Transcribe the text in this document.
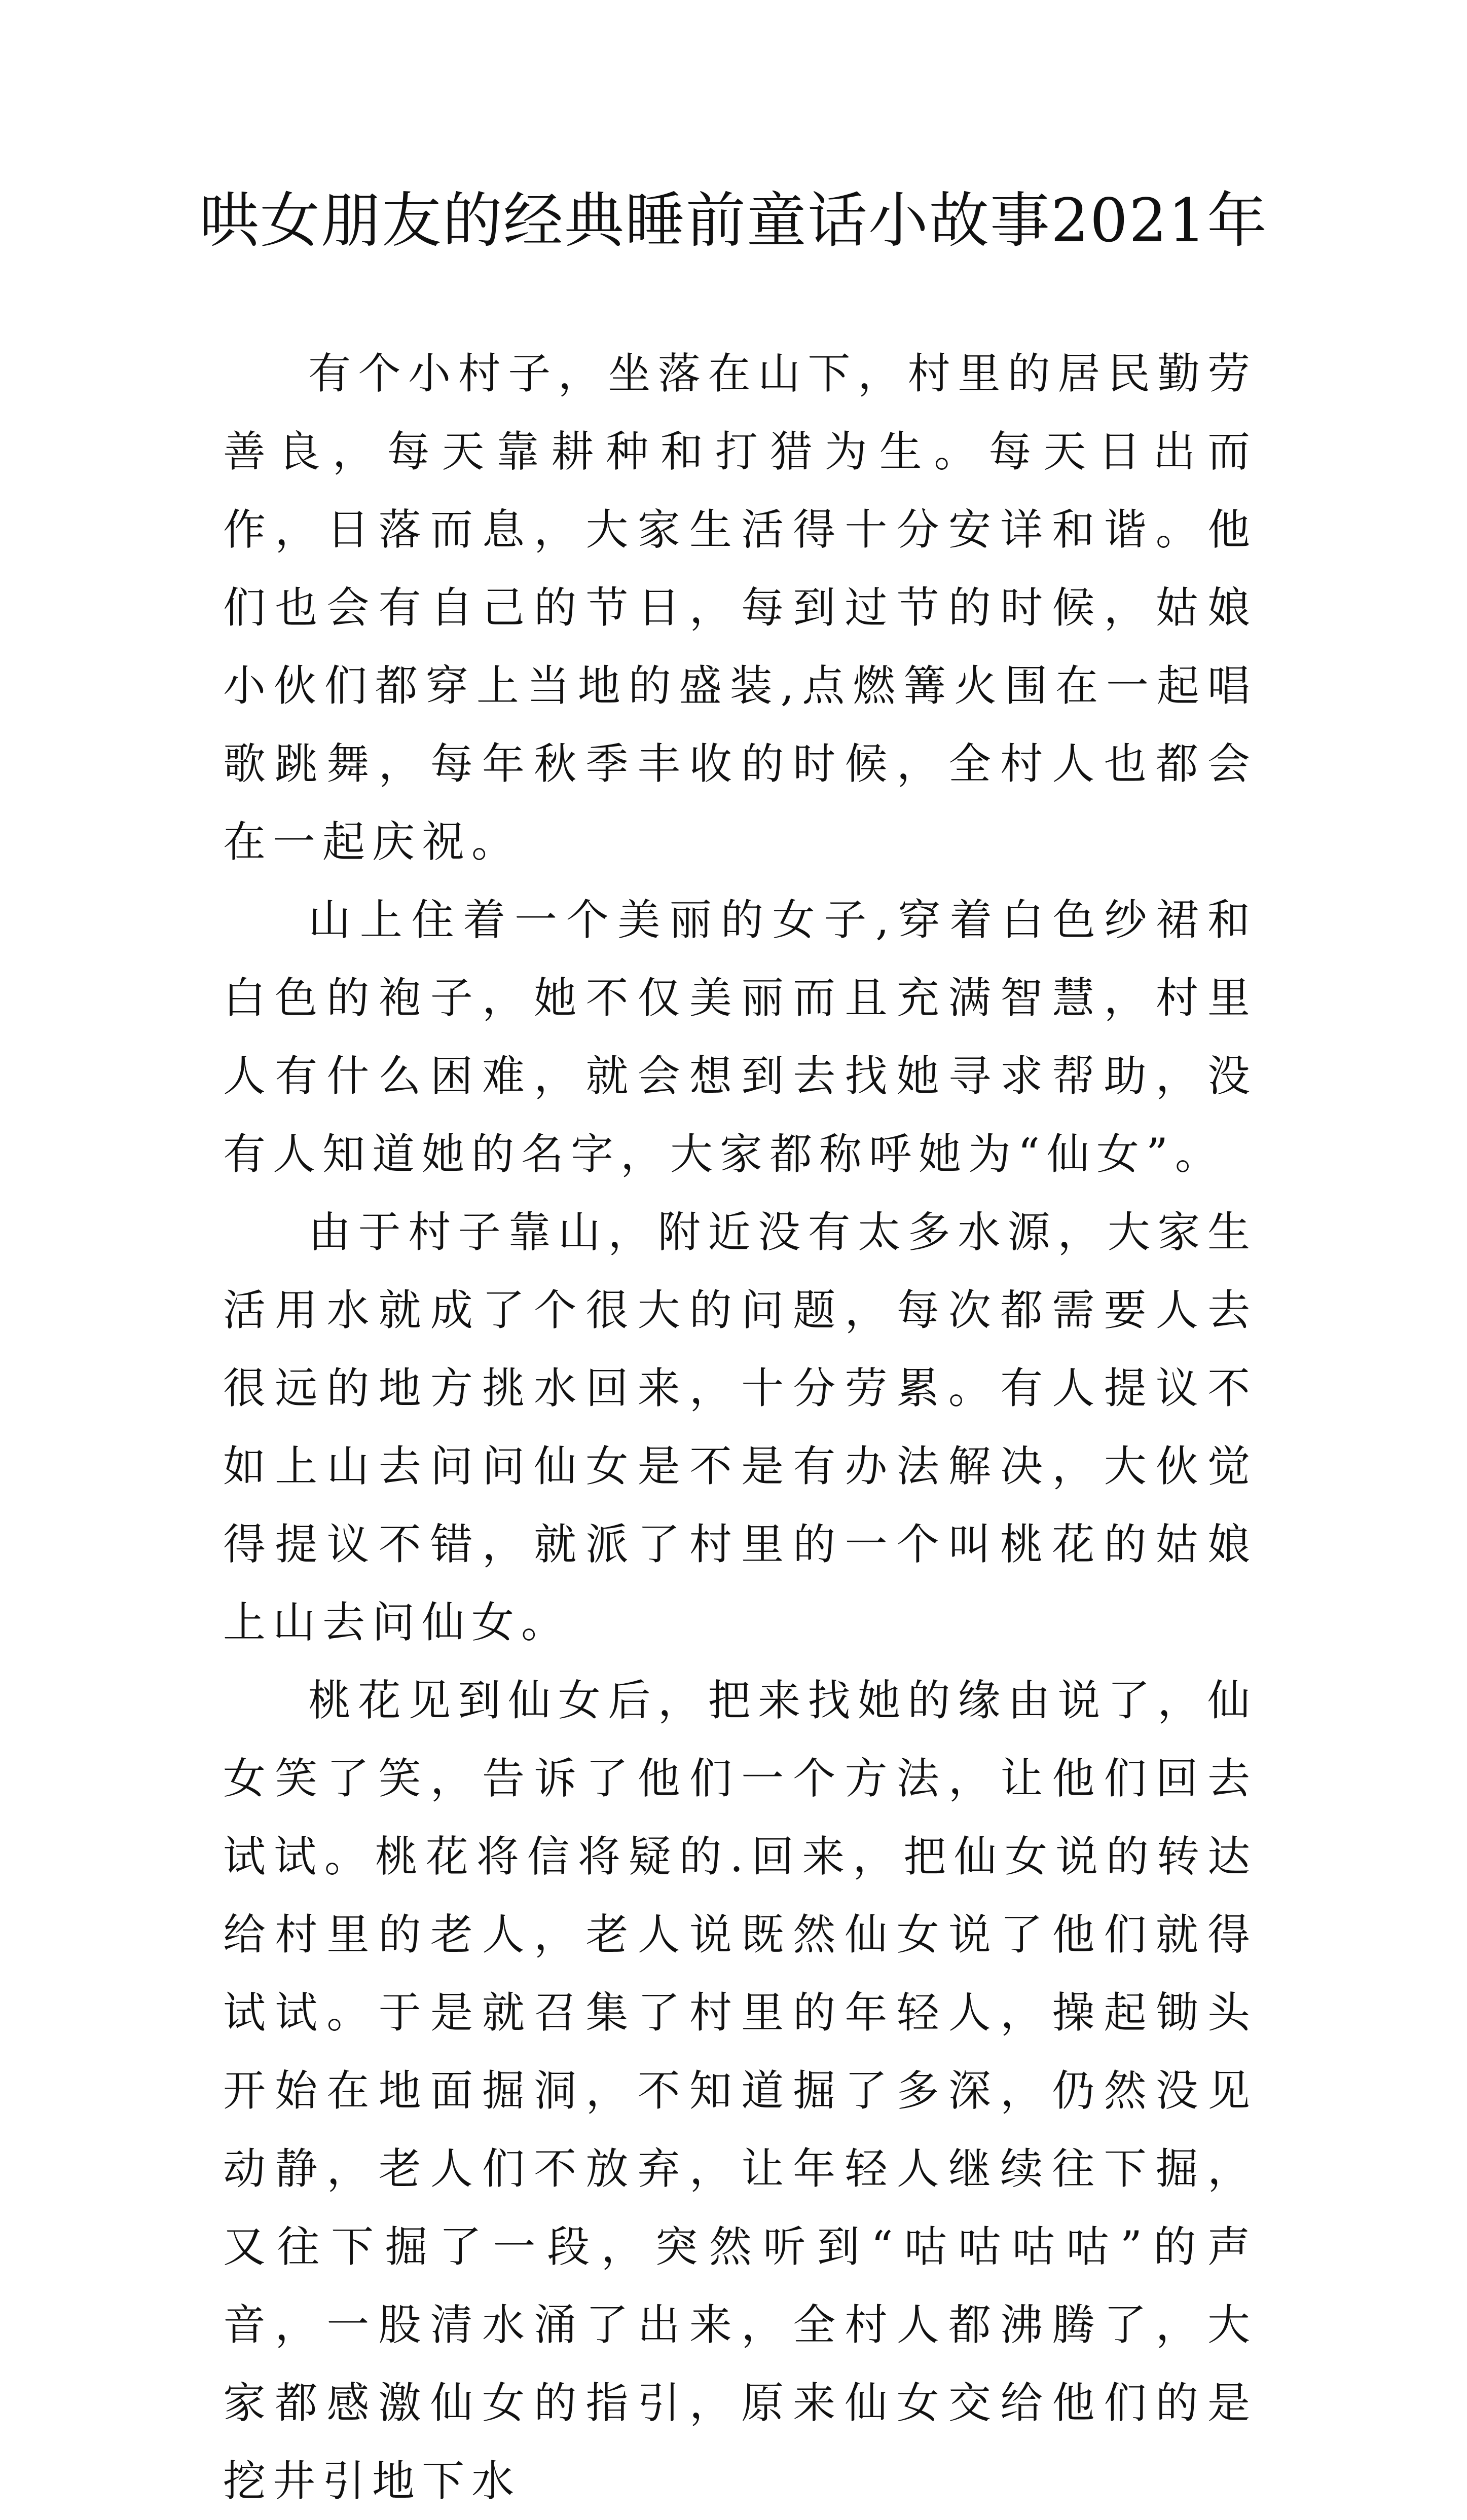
哄女朋友的经典睡前童话小故事2021年

有个小村子，坐落在山下，村里的居民勤劳善良，每天靠耕种和打猎为生。每天日出而作，日落而息，大家生活得十分安详和谐。他们也会有自己的节日，每到过节的时候，姑娘小伙们都穿上当地的盛装,点燃篝火围在一起唱歌跳舞，每年秋季丰收的时候，全村人也都会在一起庆祝。

山上住着一个美丽的女子,穿着白色纱裙和白色的袍子，她不仅美丽而且充满智慧，村里人有什么困难，就会想到去找她寻求帮助，没有人知道她的名字，大家都称呼她为“仙女”。

由于村子靠山，附近没有太多水源，大家生活用水就成了个很大的问题，每次都需要人去很远的地方挑水回来，十分劳累。有人提议不如上山去问问仙女是不是有办法解决，大伙觉得提议不错，就派了村里的一个叫桃花的姑娘上山去问仙女。

桃花见到仙女后，把来找她的缘由说了，仙女笑了笑，告诉了他们一个方法，让他们回去试试。桃花将信将疑的.回来，把仙女说的转达给村里的老人，老人说既然仙女说了他们就得试试。于是就召集了村里的年轻人，操起锄头开始在地面掘洞，不知道掘了多深，仍然没见动静，老人们不放弃，让年轻人继续往下掘，又往下掘了一段，突然听到“咕咕咕咕”的声音，一股清水涌了出来，全村人都沸腾了，大家都感激仙女的指引，原来仙女交给他们的是挖井引地下水
